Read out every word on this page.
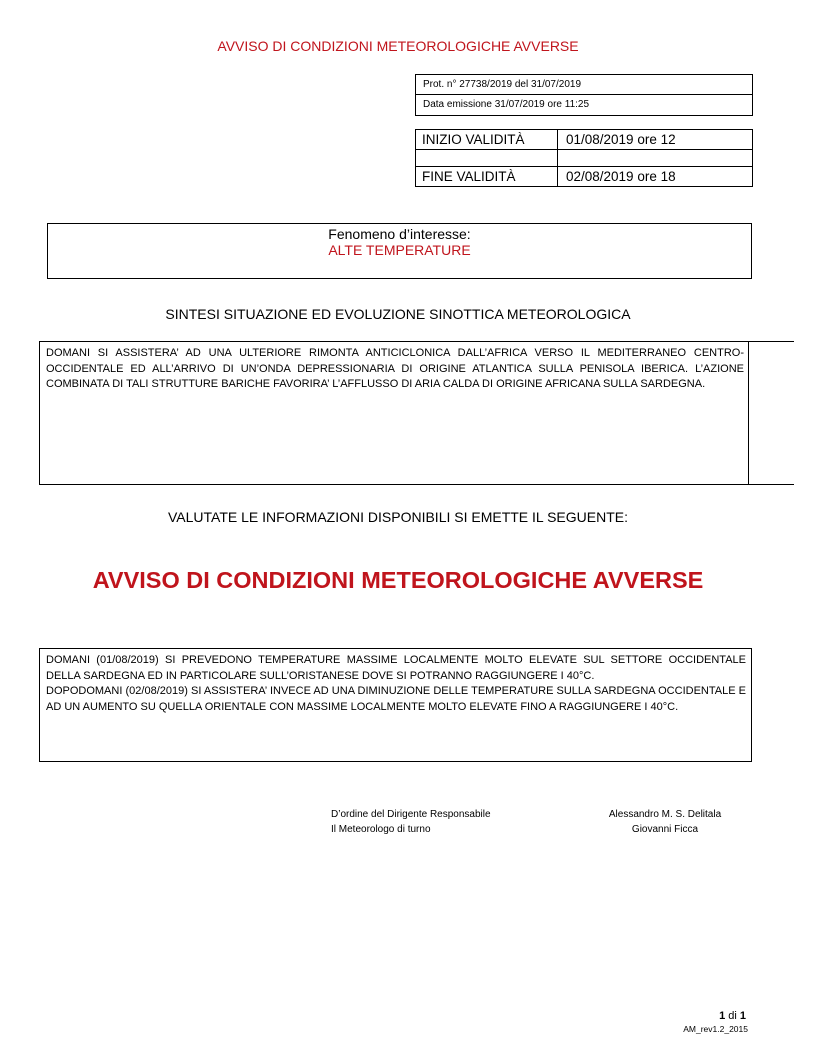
AVVISO DI CONDIZIONI METEOROLOGICHE AVVERSE
Prot. n° 27738/2019 del 31/07/2019
Data emissione 31/07/2019 ore 11:25
INIZIO VALIDITÀ	01/08/2019 ore 12
FINE VALIDITÀ	02/08/2019 ore 18
Fenomeno d’interesse:
ALTE TEMPERATURE
SINTESI SITUAZIONE ED EVOLUZIONE SINOTTICA METEOROLOGICA
DOMANI SI ASSISTERA’ AD UNA ULTERIORE RIMONTA ANTICICLONICA DALL’AFRICA VERSO IL MEDITERRANEO CENTRO-OCCIDENTALE ED ALL’ARRIVO DI UN’ONDA DEPRESSIONARIA DI ORIGINE ATLANTICA SULLA PENISOLA IBERICA. L’AZIONE COMBINATA DI TALI STRUTTURE BARICHE FAVORIRA’ L’AFFLUSSO DI ARIA CALDA DI ORIGINE AFRICANA SULLA SARDEGNA.
VALUTATE LE INFORMAZIONI DISPONIBILI SI EMETTE IL SEGUENTE:
AVVISO DI CONDIZIONI METEOROLOGICHE AVVERSE

DOMANI (01/08/2019) SI PREVEDONO TEMPERATURE MASSIME LOCALMENTE MOLTO ELEVATE SUL SETTORE OCCIDENTALE DELLA SARDEGNA ED IN PARTICOLARE SULL’ORISTANESE DOVE SI POTRANNO RAGGIUNGERE I 40°C.

DOPODOMANI (02/08/2019) SI ASSISTERA’ INVECE AD UNA DIMINUZIONE DELLE TEMPERATURE SULLA SARDEGNA OCCIDENTALE E AD UN AUMENTO SU QUELLA ORIENTALE CON MASSIME LOCALMENTE MOLTO ELEVATE FINO A RAGGIUNGERE I 40°C.

D’ordine del Dirigente Responsabile
Il Meteorologo di turno
Alessandro M. S. Delitala
Giovanni Ficca
1 di 1
AM_rev1.2_2015
